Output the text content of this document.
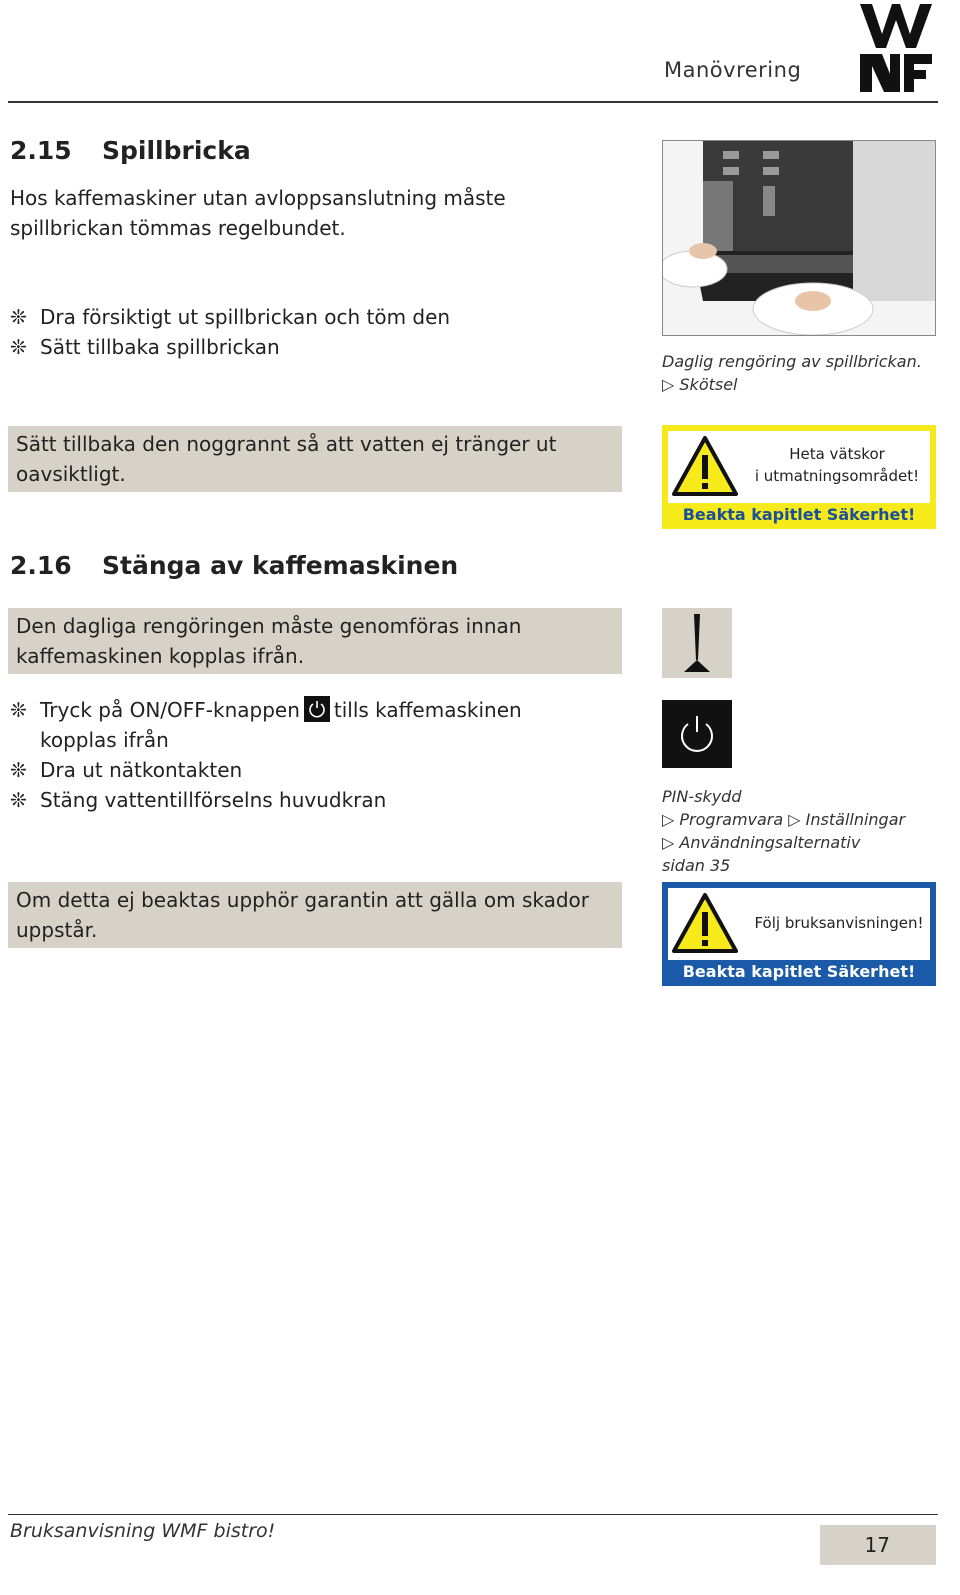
Manövrering
2.15 Spillbricka
Hos kaffemaskiner utan avloppsanslutning måste
spillbrickan tömmas regelbundet.
❊ Dra försiktigt ut spillbrickan och töm den
❊ Sätt tillbaka spillbrickan
Sätt tillbaka den noggrannt så att vatten ej tränger ut
oavsiktligt.
Daglig rengöring av spillbrickan.
▷ Skötsel
Heta vätskor
i utmatningsområdet!
Beakta kapitlet Säkerhet!
2.16 Stänga av kaffemaskinen
Den dagliga rengöringen måste genomföras innan
kaffemaskinen kopplas ifrån.
❊ Tryck på ON/OFF-knappen tills kaffemaskinen
kopplas ifrån
❊ Dra ut nätkontakten
❊ Stäng vattentillförselns huvudkran	PIN-skydd
▷ Programvara ▷ Inställningar
▷ Användningsalternativ
sidan 35
Om detta ej beaktas upphör garantin att gälla om skador
uppstår.	Följ bruksanvisningen!
Beakta kapitlet Säkerhet!
Bruksanvisning WMF bistro!
17
